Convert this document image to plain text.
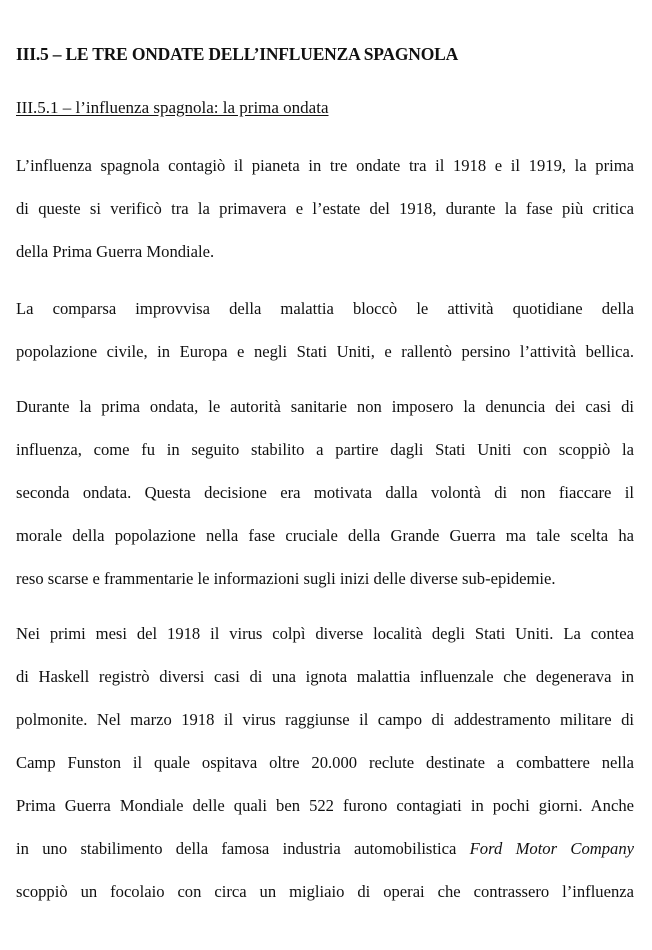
III.5 – LE TRE ONDATE DELL’INFLUENZA SPAGNOLA
III.5.1 – l’influenza spagnola: la prima ondata
L’influenza spagnola contagiò il pianeta in tre ondate tra il 1918 e il 1919, la prima
di queste si verificò tra la primavera e l’estate del 1918, durante la fase più critica
della Prima Guerra Mondiale.
La comparsa improvvisa della malattia bloccò le attività quotidiane della
popolazione civile, in Europa e negli Stati Uniti, e rallentò persino l’attività bellica.
Durante la prima ondata, le autorità sanitarie non imposero la denuncia dei casi di
influenza, come fu in seguito stabilito a partire dagli Stati Uniti con scoppiò la
seconda ondata. Questa decisione era motivata dalla volontà di non fiaccare il
morale della popolazione nella fase cruciale della Grande Guerra ma tale scelta ha
reso scarse e frammentarie le informazioni sugli inizi delle diverse sub-epidemie.
Nei primi mesi del 1918 il virus colpì diverse località degli Stati Uniti. La contea
di Haskell registrò diversi casi di una ignota malattia influenzale che degenerava in
polmonite. Nel marzo 1918 il virus raggiunse il campo di addestramento militare di
Camp Funston il quale ospitava oltre 20.000 reclute destinate a combattere nella
Prima Guerra Mondiale delle quali ben 522 furono contagiati in pochi giorni. Anche
in uno stabilimento della famosa industria automobilistica Ford Motor Company
scoppiò un focolaio con circa un migliaio di operai che contrassero l’influenza
